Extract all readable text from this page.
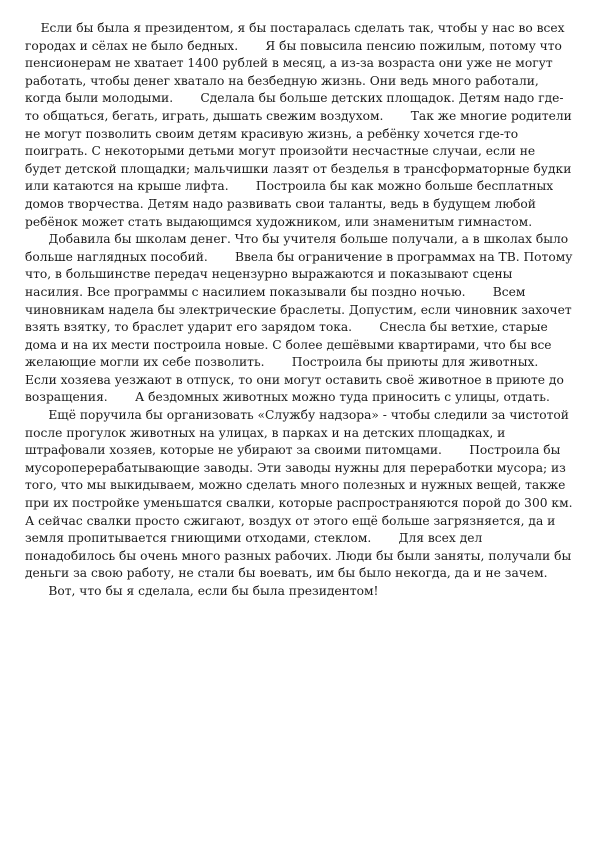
Если бы была я президентом, я бы постаралась сделать так, чтобы у нас во всех городах и сёлах не было бедных.       Я бы повысила пенсию пожилым, потому что пенсионерам не хватает 1400 рублей в месяц, а из-за возраста они уже не могут работать, чтобы денег хватало на безбедную жизнь. Они ведь много работали, когда были молодыми.       Сделала бы больше детских площадок. Детям надо где-то общаться, бегать, играть, дышать свежим воздухом.       Так же многие родители не могут позволить своим детям красивую жизнь, а ребёнку хочется где-то поиграть. С некоторыми детьми могут произойти несчастные случаи, если не будет детской площадки; мальчишки лазят от безделья в трансформаторные будки или катаются на крыше лифта.       Построила бы как можно больше бесплатных домов творчества. Детям надо развивать свои таланты, ведь в будущем любой ребёнок может стать выдающимся художником, или знаменитым гимнастом.       Добавила бы школам денег. Что бы учителя больше получали, а в школах было больше наглядных пособий.       Ввела бы ограничение в программах на ТВ. Потому что, в большинстве передач нецензурно выражаются и показывают сцены насилия. Все программы с насилием показывали бы поздно ночью.       Всем чиновникам надела бы электрические браслеты. Допустим, если чиновник захочет взять взятку, то браслет ударит его зарядом тока.       Снесла бы ветхие, старые дома и на их мести построила новые. С более дешёвыми квартирами, что бы все желающие могли их себе позволить.       Построила бы приюты для животных. Если хозяева уезжают в отпуск, то они могут оставить своё животное в приюте до возращения.       А бездомных животных можно туда приносить с улицы, отдать.       Ещё поручила бы организовать «Службу надзора» - чтобы следили за чистотой после прогулок животных на улицах, в парках и на детских площадках, и штрафовали хозяев, которые не убирают за своими питомцами.       Построила бы мусороперерабатывающие заводы. Эти заводы нужны для переработки мусора; из того, что мы выкидываем, можно сделать много полезных и нужных вещей, также при их постройке уменьшатся свалки, которые распространяются порой до 300 км. А сейчас свалки просто сжигают, воздух от этого ещё больше загрязняется, да и земля пропитывается гниющими отходами, стеклом.       Для всех дел понадобилось бы очень много разных рабочих. Люди бы были заняты, получали бы деньги за свою работу, не стали бы воевать, им бы было некогда, да и не зачем.       Вот, что бы я сделала, если бы была президентом!
